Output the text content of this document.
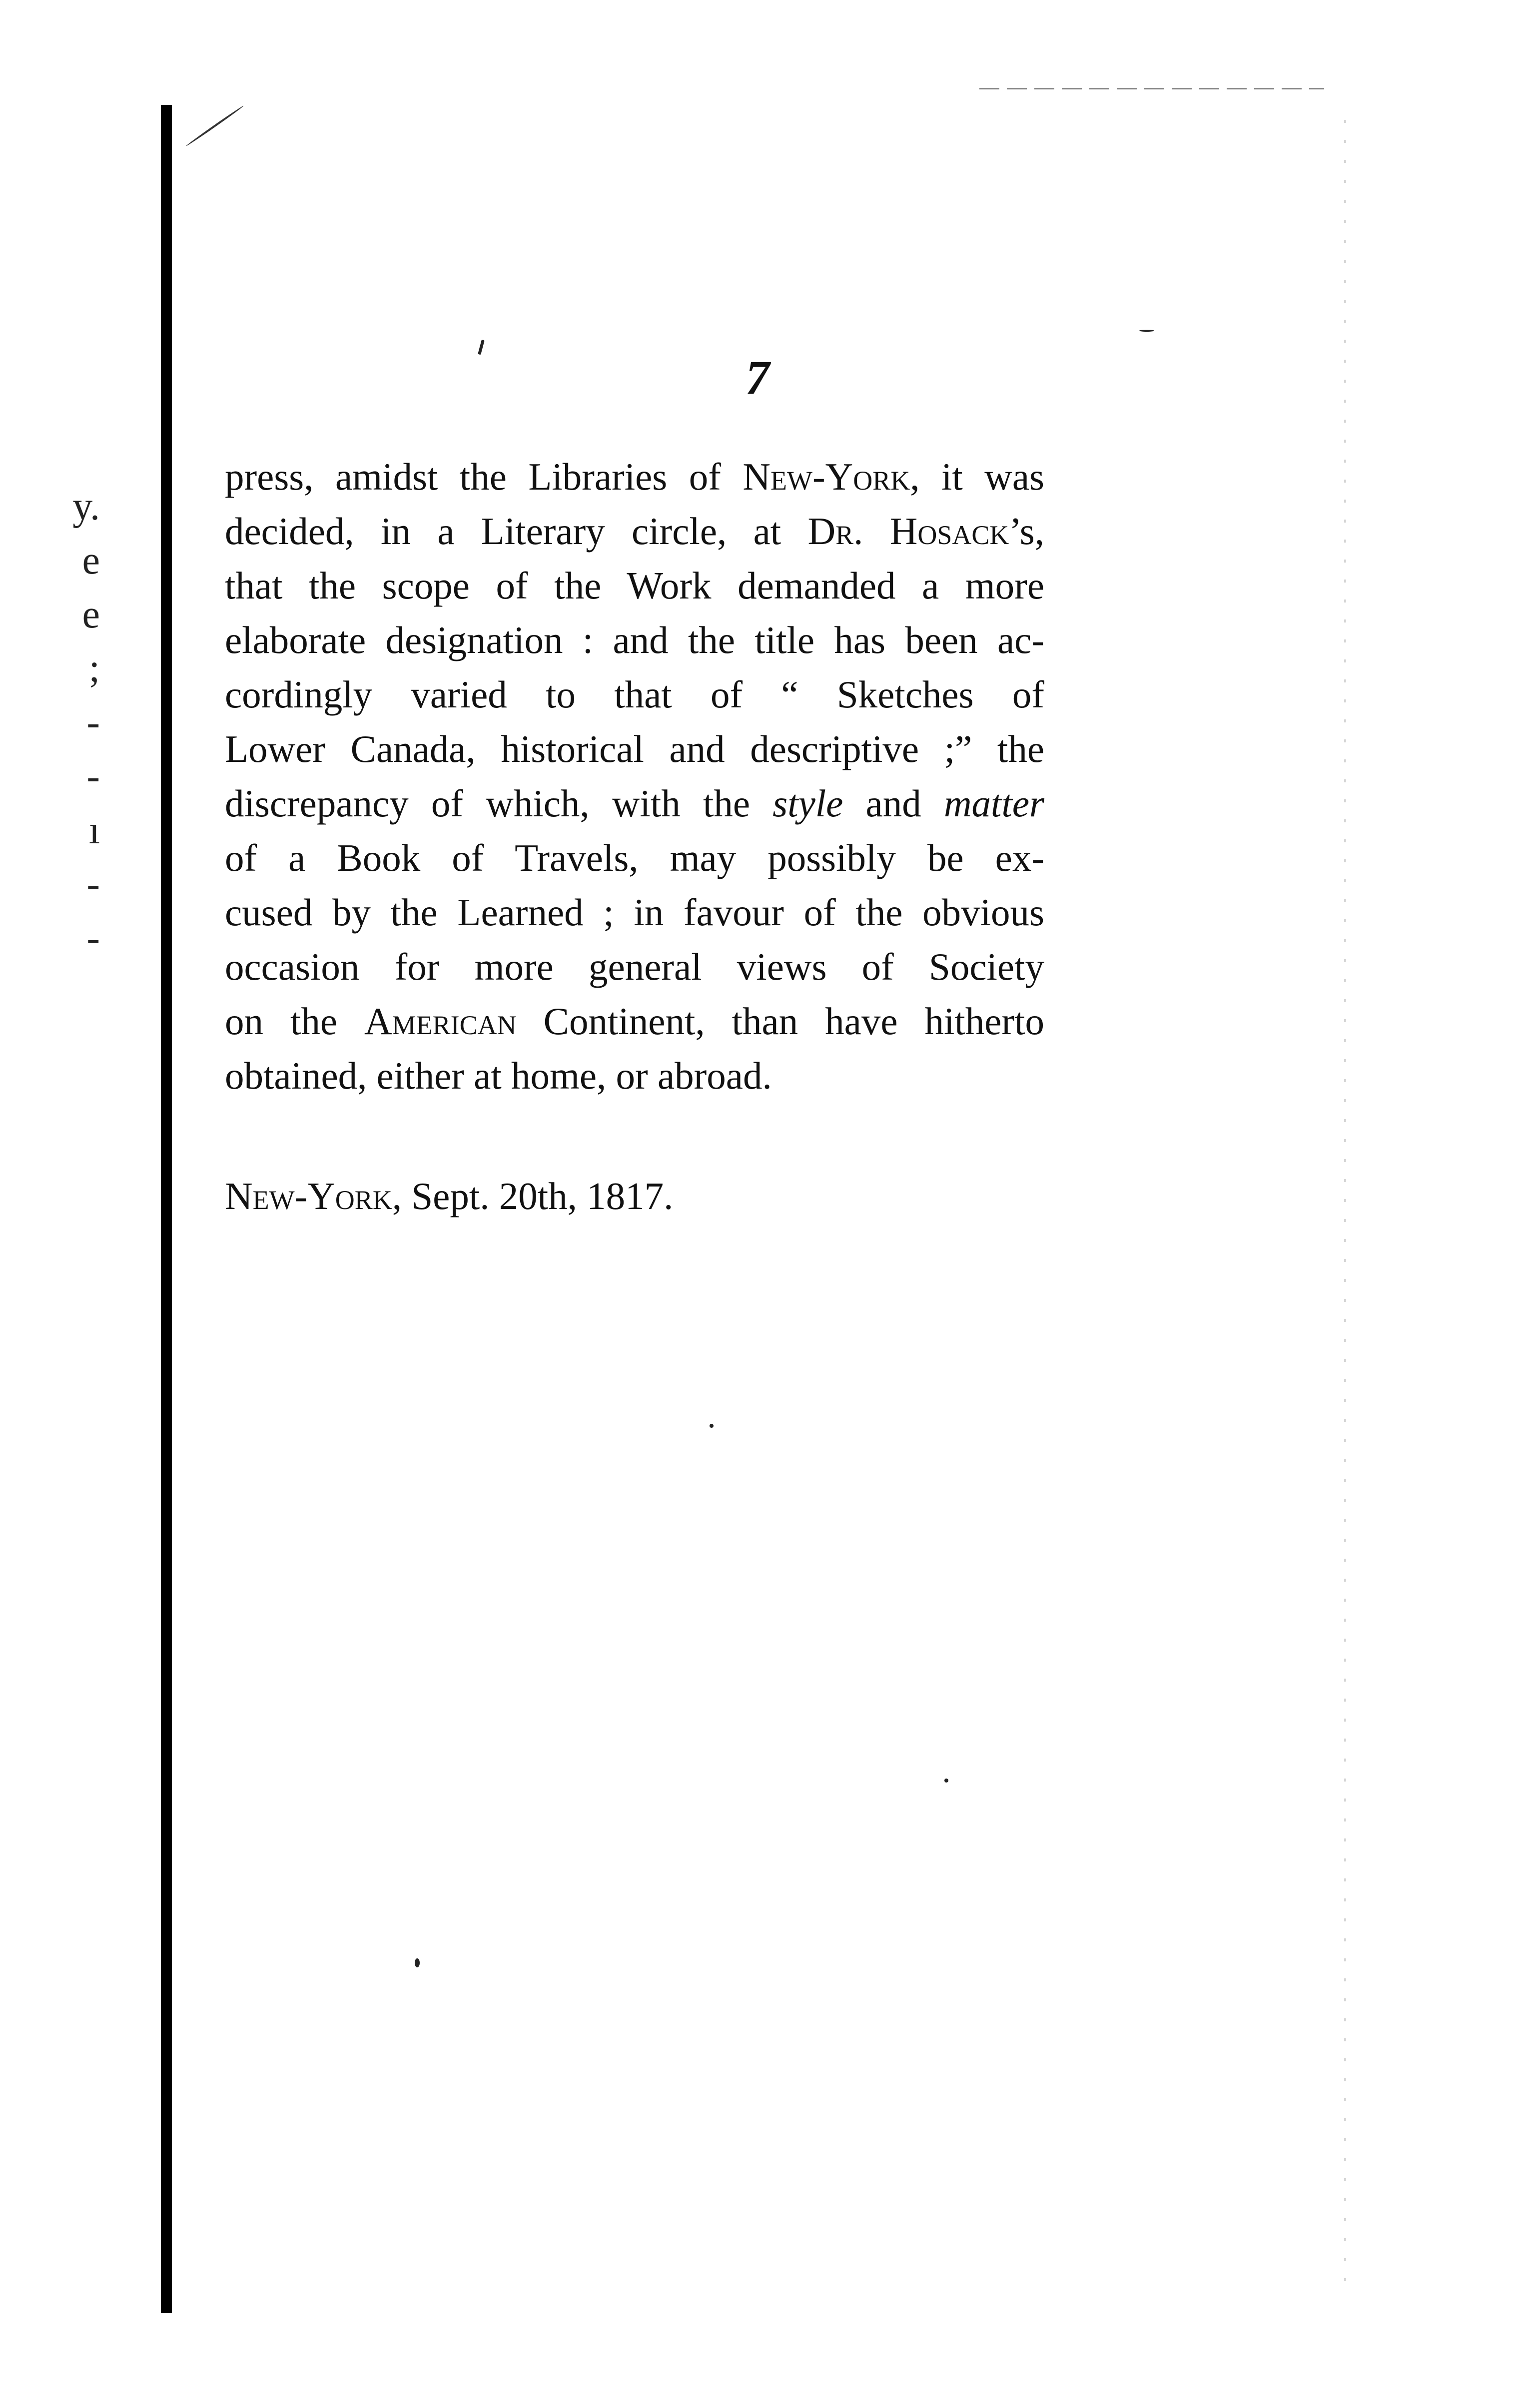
y.
e
e
;
-
-
ı
-
-
7
press, amidst the Libraries of New-York, it was
decided, in a Literary circle, at Dr. Hosack’s,
that the scope of the Work demanded a more
elaborate designation : and the title has been ac-
cordingly varied to that of “ Sketches of
Lower Canada, historical and descriptive ;” the
discrepancy of which, with the style and matter
of a Book of Travels, may possibly be ex-
cused by the Learned ; in favour of the obvious
occasion for more general views of Society
on the American Continent, than have hitherto
obtained, either at home, or abroad.
New-York, Sept. 20th, 1817.
